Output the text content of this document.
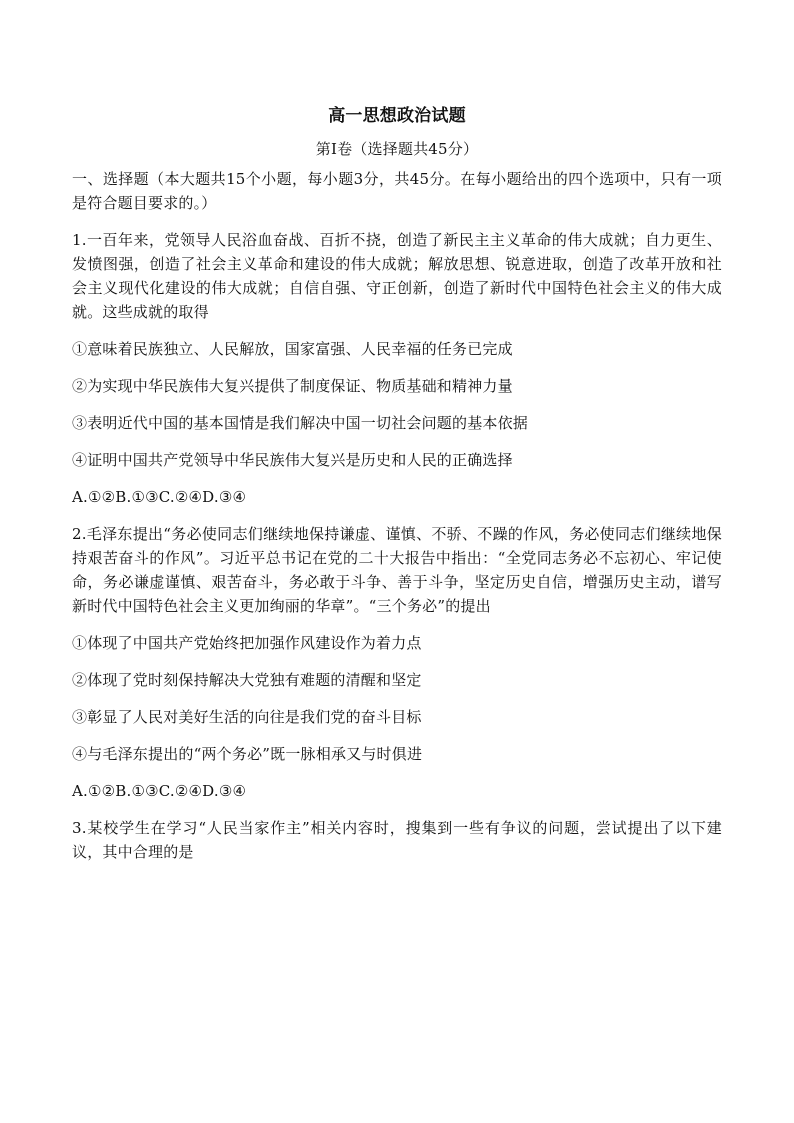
高一思想政治试题
第Ⅰ卷（选择题共45分）
一、选择题（本大题共15个小题，每小题3分，共45分。在每小题给出的四个选项中，只有一项是符合题目要求的。）
1.一百年来，党领导人民浴血奋战、百折不挠，创造了新民主主义革命的伟大成就；自力更生、发愤图强，创造了社会主义革命和建设的伟大成就；解放思想、锐意进取，创造了改革开放和社会主义现代化建设的伟大成就；自信自强、守正创新，创造了新时代中国特色社会主义的伟大成就。这些成就的取得
①意味着民族独立、人民解放，国家富强、人民幸福的任务已完成
②为实现中华民族伟大复兴提供了制度保证、物质基础和精神力量
③表明近代中国的基本国情是我们解决中国一切社会问题的基本依据
④证明中国共产党领导中华民族伟大复兴是历史和人民的正确选择
A.①②B.①③C.②④D.③④
2.毛泽东提出“务必使同志们继续地保持谦虚、谨慎、不骄、不躁的作风，务必使同志们继续地保持艰苦奋斗的作风”。习近平总书记在党的二十大报告中指出：“全党同志务必不忘初心、牢记使命，务必谦虚谨慎、艰苦奋斗，务必敢于斗争、善于斗争，坚定历史自信，增强历史主动，谱写新时代中国特色社会主义更加绚丽的华章”。“三个务必”的提出
①体现了中国共产党始终把加强作风建设作为着力点
②体现了党时刻保持解决大党独有难题的清醒和坚定
③彰显了人民对美好生活的向往是我们党的奋斗目标
④与毛泽东提出的“两个务必”既一脉相承又与时俱进
A.①②B.①③C.②④D.③④
3.某校学生在学习“人民当家作主”相关内容时，搜集到一些有争议的问题，尝试提出了以下建议，其中合理的是
